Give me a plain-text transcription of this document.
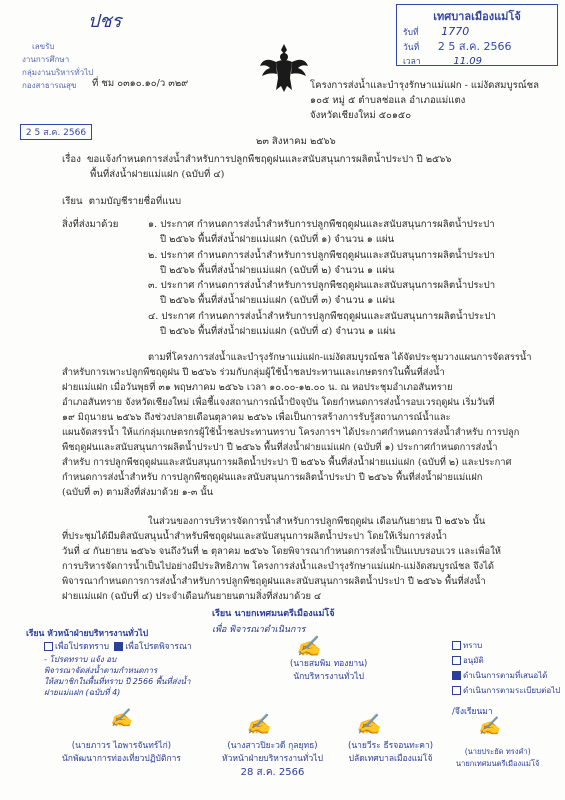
ปชร	เทศบาลเมืองแม่โจ้
รับที่ 1770
วันที่ 2 5 ส.ค. 2566
เวลา	11.09
เลขรับ
งานการศึกษา
กลุ่มงานบริหารทั่วไป
กองสาธารณสุข
2 5 ส.ค. 2566
ที่ ชม ๐๓๑๐.๑๐/ว ๓๒๙	โครงการส่งน้ำและบำรุงรักษาแม่แฝก - แม่งัดสมบูรณ์ชล
๑๐๕ หมู่ ๕ ตำบลช่อแล อำเภอแม่แตง
จังหวัดเชียงใหม่ ๕๐๑๕๐
๒๓ สิงหาคม ๒๕๖๖
เรื่อง ขอแจ้งกำหนดการส่งน้ำสำหรับการปลูกพืชฤดูฝนและสนับสนุนการผลิตน้ำประปา ปี ๒๕๖๖
พื้นที่ส่งน้ำฝายแม่แฝก (ฉบับที่ ๔)
เรียน ตามบัญชีรายชื่อที่แนบ
สิ่งที่ส่งมาด้วย	๑. ประกาศ กำหนดการส่งน้ำสำหรับการปลูกพืชฤดูฝนและสนับสนุนการผลิตน้ำประปา
ปี ๒๕๖๖ พื้นที่ส่งน้ำฝายแม่แฝก (ฉบับที่ ๑) จำนวน ๑ แผ่น
๒. ประกาศ กำหนดการส่งน้ำสำหรับการปลูกพืชฤดูฝนและสนับสนุนการผลิตน้ำประปา
ปี ๒๕๖๖ พื้นที่ส่งน้ำฝายแม่แฝก (ฉบับที่ ๒) จำนวน ๑ แผ่น
๓. ประกาศ กำหนดการส่งน้ำสำหรับการปลูกพืชฤดูฝนและสนับสนุนการผลิตน้ำประปา
ปี ๒๕๖๖ พื้นที่ส่งน้ำฝายแม่แฝก (ฉบับที่ ๓) จำนวน ๑ แผ่น
๔. ประกาศ กำหนดการส่งน้ำสำหรับการปลูกพืชฤดูฝนและสนับสนุนการผลิตน้ำประปา
ปี ๒๕๖๖ พื้นที่ส่งน้ำฝายแม่แฝก (ฉบับที่ ๔) จำนวน ๑ แผ่น
ตามที่โครงการส่งน้ำและบำรุงรักษาแม่แฝก-แม่งัดสมบูรณ์ชล ได้จัดประชุมวางแผนการจัดสรรน้ำ
สำหรับการเพาะปลูกพืชฤดูฝน ปี ๒๕๖๖ ร่วมกับกลุ่มผู้ใช้น้ำชลประทานและเกษตรกรในพื้นที่ส่งน้ำ
ฝายแม่แฝก เมื่อวันพุธที่ ๓๑ พฤษภาคม ๒๕๖๖ เวลา ๑๐.๐๐-๑๒.๐๐ น. ณ หอประชุมอำเภอสันทราย
อำเภอสันทราย จังหวัดเชียงใหม่ เพื่อชี้แจงสถานการณ์น้ำปัจจุบัน โดยกำหนดการส่งน้ำรอบเวรฤดูฝน เริ่มวันที่
๑๙ มิถุนายน ๒๕๖๖ ถึงช่วงปลายเดือนตุลาคม ๒๕๖๖ เพื่อเป็นการสร้างการรับรู้สถานการณ์น้ำและ
แผนจัดสรรน้ำ ให้แก่กลุ่มเกษตรกรผู้ใช้น้ำชลประทานทราบ โครงการฯ ได้ประกาศกำหนดการส่งน้ำสำหรับ การปลูก
พืชฤดูฝนและสนับสนุนการผลิตน้ำประปา ปี ๒๕๖๖ พื้นที่ส่งน้ำฝายแม่แฝก (ฉบับที่ ๑) ประกาศกำหนดการส่งน้ำ
สำหรับ การปลูกพืชฤดูฝนและสนับสนุนการผลิตน้ำประปา ปี ๒๕๖๖ พื้นที่ส่งน้ำฝายแม่แฝก (ฉบับที่ ๒) และประกาศ
กำหนดการส่งน้ำสำหรับ การปลูกพืชฤดูฝนและสนับสนุนการผลิตน้ำประปา ปี ๒๕๖๖ พื้นที่ส่งน้ำฝายแม่แฝก
(ฉบับที่ ๓) ตามสิ่งที่ส่งมาด้วย ๑-๓ นั้น
ในส่วนของการบริหารจัดการน้ำสำหรับการปลูกพืชฤดูฝน เดือนกันยายน ปี ๒๕๖๖ นั้น
ที่ประชุมได้มีมติสนับสนุนน้ำสำหรับพืชฤดูฝนและสนับสนุนการผลิตน้ำประปา โดยให้เริ่มการส่งน้ำ
วันที่ ๔ กันยายน ๒๕๖๖ จนถึงวันที่ ๒ ตุลาคม ๒๕๖๖ โดยพิจารณากำหนดการส่งน้ำเป็นแบบรอบเวร และเพื่อให้
การบริหารจัดการน้ำเป็นไปอย่างมีประสิทธิภาพ โครงการส่งน้ำและบำรุงรักษาแม่แฝก-แม่งัดสมบูรณ์ชล จึงได้
พิจารณากำหนดการการส่งน้ำสำหรับการปลูกพืชฤดูฝนและสนับสนุนการผลิตน้ำประปา ปี ๒๕๖๖ พื้นที่ส่งน้ำ
ฝายแม่แฝก (ฉบับที่ ๔) ประจำเดือนกันยายนตามสิ่งที่ส่งมาด้วย ๔
เรียน นายกเทศมนตรีเมืองแม่โจ้
เพื่อ พิจารณาดำเนินการ
✍
(นายสมพิม ทองยาน)
นักบริหารงานทั่วไป
เรียน หัวหน้าฝ่ายบริหารงานทั่วไป
เพื่อโปรดทราบ เพื่อโปรดพิจารณา
- โปรดทราบ แจ้ง อบ
พิจารณาจัดส่งน้ำตามกำหนดการ
ให้สมาชิกในพื้นที่ทราบ ปี 2566 พื้นที่ส่งน้ำ
ฝายแม่แฝก (ฉบับที่ 4)
✍
(นายภาวร ไอพารจันทร์ไก่)
นักพัฒนาการท่องเที่ยวปฏิบัติการ
✍
(นางสาวปิยะวดี กุลยุทธ)
หัวหน้าฝ่ายบริหารงานทั่วไป
28 ส.ค. 2566
✍
(นายวีระ ธีรจอนทะคา)
ปลัดเทศบาลเมืองแม่โจ้
ทราบ
อนุมัติ
ดำเนินการตามที่เสนอได้
ดำเนินการตามระเบียบต่อไป
/จึงเรียนมา
✍
(นายประยัด ทรงคำ)
นายกเทศมนตรีเมืองแม่โจ้
